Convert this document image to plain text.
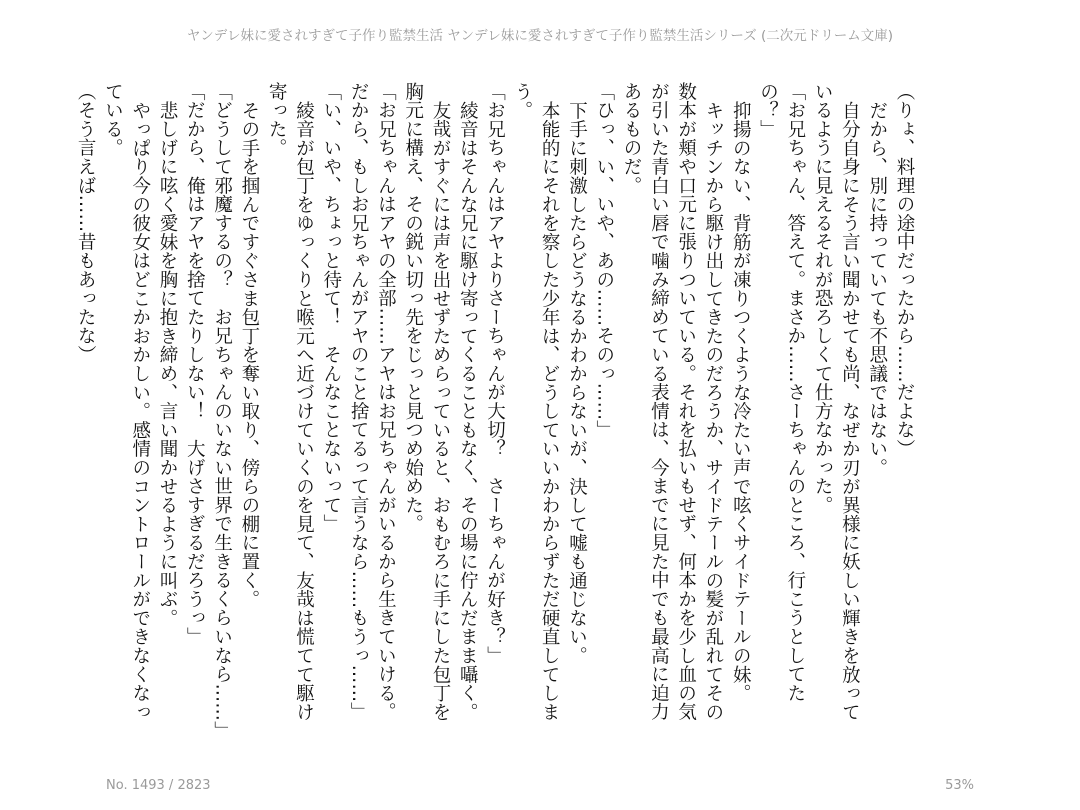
ヤンデレ妹に愛されすぎて子作り監禁生活 ヤンデレ妹に愛されすぎて子作り監禁生活シリーズ (二次元ドリーム文庫)

（りょ、料理の途中だったから……だよな）

だから、別に持っていても不思議ではない。

自分自身にそう言い聞かせても尚、なぜか刃が異様に妖しい輝きを放っているように見えるそれが恐ろしくて仕方なかった。

「お兄ちゃん、答えて。まさか……さーちゃんのところ、行こうとしてたの？」

抑揚のない、背筋が凍りつくような冷たい声で呟くサイドテールの妹。

キッチンから駆け出してきたのだろうか、サイドテールの髪が乱れてその数本が頬や口元に張りついている。それを払いもせず、何本かを少し血の気が引いた青白い唇で噛み締めている表情は、今までに見た中でも最高に迫力あるものだ。

「ひっ、い、いや、あの……そのっ……」

下手に刺激したらどうなるかわからないが、決して嘘も通じない。

本能的にそれを察した少年は、どうしていいかわからずただ硬直してしまう。

「お兄ちゃんはアヤよりさーちゃんが大切？　さーちゃんが好き？」

綾音はそんな兄に駆け寄ってくることもなく、その場に佇んだまま囁く。

友哉がすぐには声を出せずためらっていると、おもむろに手にした包丁を胸元に構え、その鋭い切っ先をじっと見つめ始めた。

「お兄ちゃんはアヤの全部……アヤはお兄ちゃんがいるから生きていける。だから、もしお兄ちゃんがアヤのこと捨てるって言うなら……もうっ……」

「い、いや、ちょっと待て！　そんなことないって」

綾音が包丁をゆっくりと喉元へ近づけていくのを見て、友哉は慌てて駆け寄った。

その手を掴んですぐさま包丁を奪い取り、傍らの棚に置く。

「どうして邪魔するの？　お兄ちゃんのいない世界で生きるくらいなら……」

「だから、俺はアヤを捨てたりしない！　大げさすぎるだろうっ」

悲しげに呟く愛妹を胸に抱き締め、言い聞かせるように叫ぶ。

やっぱり今の彼女はどこかおかしい。感情のコントロールができなくなっている。

（そう言えば……昔もあったな）

No. 1493 / 2823	53%
